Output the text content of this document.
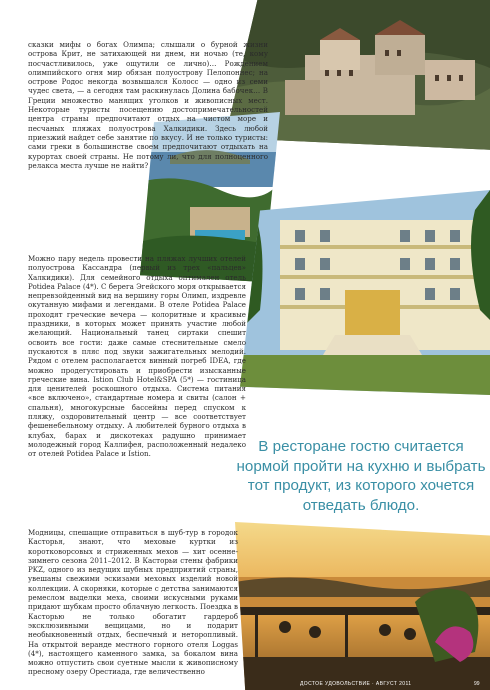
сказки мифы о богах Олимпа; слышали о бурной жизни острова Крит, не затихающей ни днем, ни ночью (те, кому посчастливилось, уже ощутили се лично)… Рождением олимпийского огня мир обязан полуострову Пелопоннес; на острове Родос некогда возвышался Колосс — одно из семи чудес света, — а сегодня там раскинулась Долина бабочек… В Греции множество манящих уголков и живописных мест. Некоторые туристы посещению достопримечательностей центра страны предпочитают отдых на чистом море и песчаных пляжах полуострова Халкидики. Здесь любой приезжий найдет себе занятие по вкусу. И не только туристы: сами греки в большинстве своем предпочитают отдыхать на курортах своей страны. Не потому ли, что для полноценного релакса места лучше не найти?

Можно пару недель провести на пляжах лучших отелей полуострова Кассандра (первый из трех «пальцев» Халкидики). Для семейного отдыха оптимален отель Potidea Palace (4*). С берега Эгейского моря открывается непревзойденный вид на вершину горы Олимп, издревле окутанную мифами и легендами. В отеле Potidea Palace проходят греческие вечера — колоритные и красивые праздники, в которых может принять участие любой желающий. Национальный танец сиртаки спешит освоить все гости: даже самые стеснительные смело пускаются в пляс под звуки зажигательных мелодий. Рядом с отелем располагается винный погреб IDEA, где можно продегустировать и приобрести изысканные греческие вина. Istion Club Hotel&SPA (5*) — гостиница для ценителей роскошного отдыха. Система питания «все включено», стандартные номера и свиты (салон + спальня), многокурсные бассейны перед спуском к пляжу, оздоровительный центр — все соответствует фешенебельному отдыху. А любителей бурного отдыха в клубах, барах и дискотеках радушно принимает молодежный город Каллифея, расположенный недалеко от отелей Potidea Palace и Istion.

Модницы, спешащие отправиться в шуб-тур в городок Касторья, знают, что меховые куртки из коротковорсовых и стриженных мехов — хит осенне-зимнего сезона 2011–2012. В Касторьи стены фабрики PKZ, одного из ведущих шубных предприятий страны, увешаны свежими эскизами меховых изделий новой коллекции. А скорняки, которые с детства занимаются ремеслом выделки меха, своими искусными руками придают шубкам просто облачную легкость. Поездка в Касторью не только обогатит гардероб эксклюзивными вещицами, но и подарит необыкновенный отдых, беспечный и неторопливый. На открытой веранде местного горного отеля Loggas (4*), настоящего каменного замка, за бокалом вина можно отпустить свои суетные мысли к живописному пресному озеру Орестиада, где величественно

В ресторане гостю считается нормой пройти на кухню и выбрать тот продукт, из которого хочется отведать блюдо.
ДОСТОЕ УДОВОЛЬСТВИЕ · АВГУСТ 2011	99
